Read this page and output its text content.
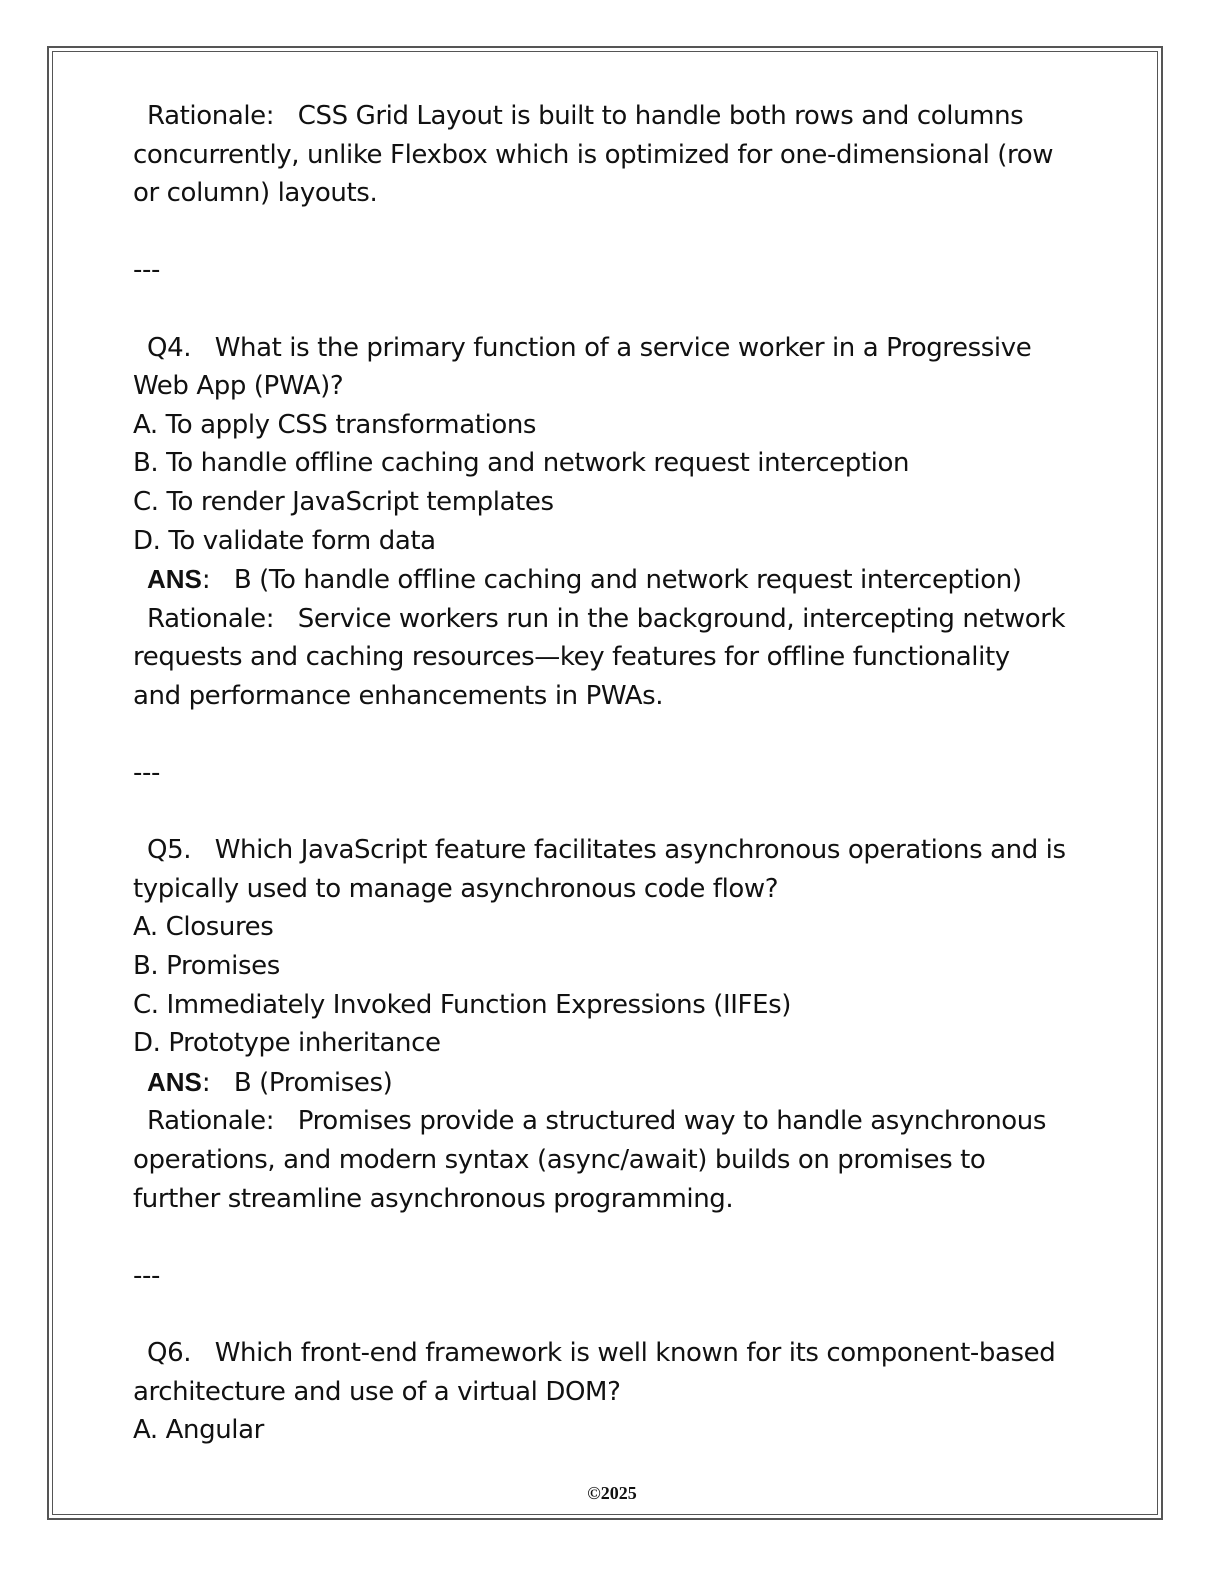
Rationale: CSS Grid Layout is built to handle both rows and columns
concurrently, unlike Flexbox which is optimized for one-dimensional (row
or column) layouts.
---
Q4. What is the primary function of a service worker in a Progressive
Web App (PWA)?
A. To apply CSS transformations
B. To handle offline caching and network request interception
C. To render JavaScript templates
D. To validate form data
ANS:   B (To handle offline caching and network request interception)
Rationale: Service workers run in the background, intercepting network
requests and caching resources—key features for offline functionality
and performance enhancements in PWAs.
---
Q5. Which JavaScript feature facilitates asynchronous operations and is
typically used to manage asynchronous code flow?
A. Closures
B. Promises
C. Immediately Invoked Function Expressions (IIFEs)
D. Prototype inheritance
ANS:   B (Promises)
Rationale: Promises provide a structured way to handle asynchronous
operations, and modern syntax (async/await) builds on promises to
further streamline asynchronous programming.
---
Q6. Which front-end framework is well known for its component-based
architecture and use of a virtual DOM?
A. Angular
©2025
